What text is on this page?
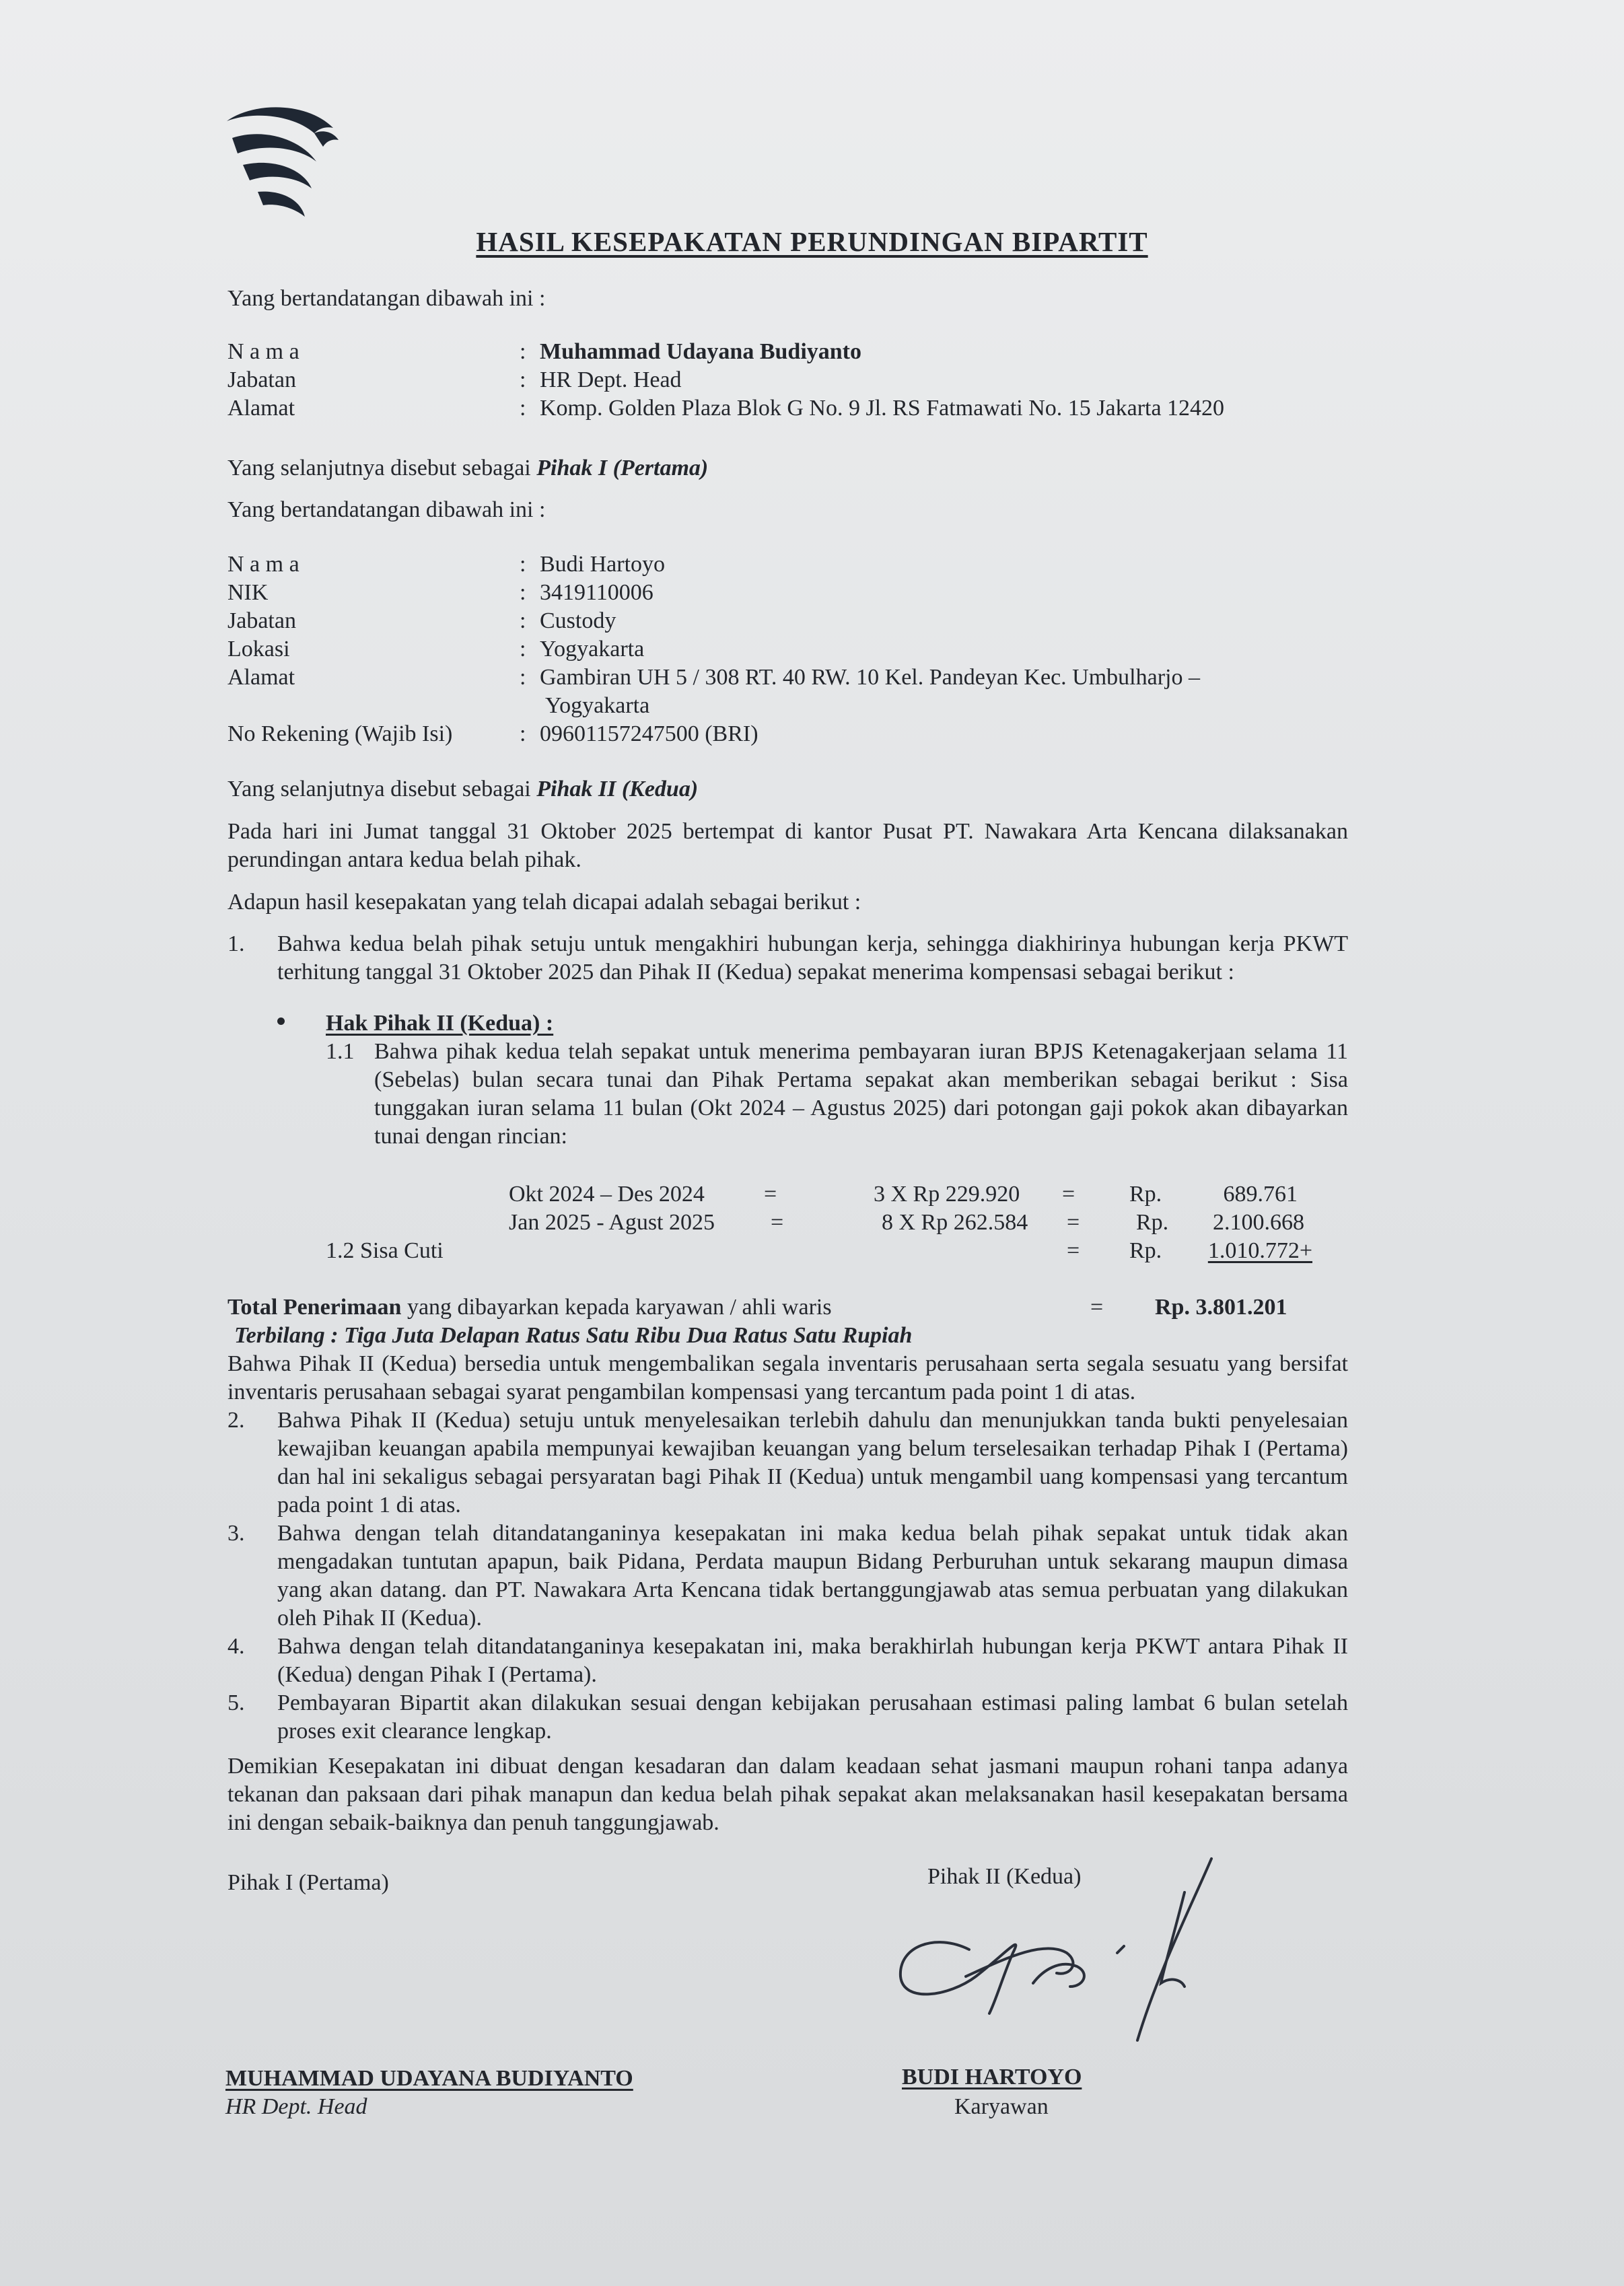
HASIL KESEPAKATAN PERUNDINGAN BIPARTIT
Yang bertandatangan dibawah ini :
N a m a	: Muhammad Udayana Budiyanto
Jabatan	: HR Dept. Head
Alamat	: Komp. Golden Plaza Blok G No. 9 Jl. RS Fatmawati No. 15 Jakarta 12420
Yang selanjutnya disebut sebagai Pihak I (Pertama)
Yang bertandatangan dibawah ini :
N a m a	: Budi Hartoyo
NIK	: 3419110006
Jabatan	: Custody
Lokasi	: Yogyakarta
Alamat	: Gambiran UH 5 / 308 RT. 40 RW. 10 Kel. Pandeyan Kec. Umbulharjo –
Yogyakarta
No Rekening (Wajib Isi)	: 09601157247500 (BRI)
Yang selanjutnya disebut sebagai Pihak II (Kedua)
Pada hari ini Jumat tanggal 31 Oktober 2025 bertempat di kantor Pusat PT. Nawakara Arta Kencana dilaksanakan perundingan antara kedua belah pihak.
Adapun hasil kesepakatan yang telah dicapai adalah sebagai berikut :
1. Bahwa kedua belah pihak setuju untuk mengakhiri hubungan kerja, sehingga diakhirinya hubungan kerja PKWT terhitung tanggal 31 Oktober 2025 dan Pihak II (Kedua) sepakat menerima kompensasi sebagai berikut :
Hak Pihak II (Kedua) :
1.1 Bahwa pihak kedua telah sepakat untuk menerima pembayaran iuran BPJS Ketenagakerjaan selama 11 (Sebelas) bulan secara tunai dan Pihak Pertama sepakat akan memberikan sebagai berikut : Sisa tunggakan iuran selama 11 bulan (Okt 2024 – Agustus 2025) dari potongan gaji pokok akan dibayarkan tunai dengan rincian:
Okt 2024 – Des 2024	=	3 X Rp 229.920 = Rp.	689.761
Jan 2025 - Agust 2025 =	8 X Rp 262.584 = Rp.	2.100.668
1.2 Sisa Cuti	= Rp.	1.010.772+
Total Penerimaan yang dibayarkan kepada karyawan / ahli waris	= Rp. 3.801.201
Terbilang : Tiga Juta Delapan Ratus Satu Ribu Dua Ratus Satu Rupiah
Bahwa Pihak II (Kedua) bersedia untuk mengembalikan segala inventaris perusahaan serta segala sesuatu yang bersifat inventaris perusahaan sebagai syarat pengambilan kompensasi yang tercantum pada point 1 di atas.
2. Bahwa Pihak II (Kedua) setuju untuk menyelesaikan terlebih dahulu dan menunjukkan tanda bukti penyelesaian kewajiban keuangan apabila mempunyai kewajiban keuangan yang belum terselesaikan terhadap Pihak I (Pertama) dan hal ini sekaligus sebagai persyaratan bagi Pihak II (Kedua) untuk mengambil uang kompensasi yang tercantum pada point 1 di atas.
3. Bahwa dengan telah ditandatanganinya kesepakatan ini maka kedua belah pihak sepakat untuk tidak akan mengadakan tuntutan apapun, baik Pidana, Perdata maupun Bidang Perburuhan untuk sekarang maupun dimasa yang akan datang. dan PT. Nawakara Arta Kencana tidak bertanggungjawab atas semua perbuatan yang dilakukan oleh Pihak II (Kedua).
4. Bahwa dengan telah ditandatanganinya kesepakatan ini, maka berakhirlah hubungan kerja PKWT antara Pihak II (Kedua) dengan Pihak I (Pertama).
5. Pembayaran Bipartit akan dilakukan sesuai dengan kebijakan perusahaan estimasi paling lambat 6 bulan setelah proses exit clearance lengkap.
Demikian Kesepakatan ini dibuat dengan kesadaran dan dalam keadaan sehat jasmani maupun rohani tanpa adanya tekanan dan paksaan dari pihak manapun dan kedua belah pihak sepakat akan melaksanakan hasil kesepakatan bersama ini dengan sebaik-baiknya dan penuh tanggungjawab.
Pihak I (Pertama)	Pihak II (Kedua)
MUHAMMAD UDAYANA BUDIYANTO
HR Dept. Head
BUDI HARTOYO
Karyawan
